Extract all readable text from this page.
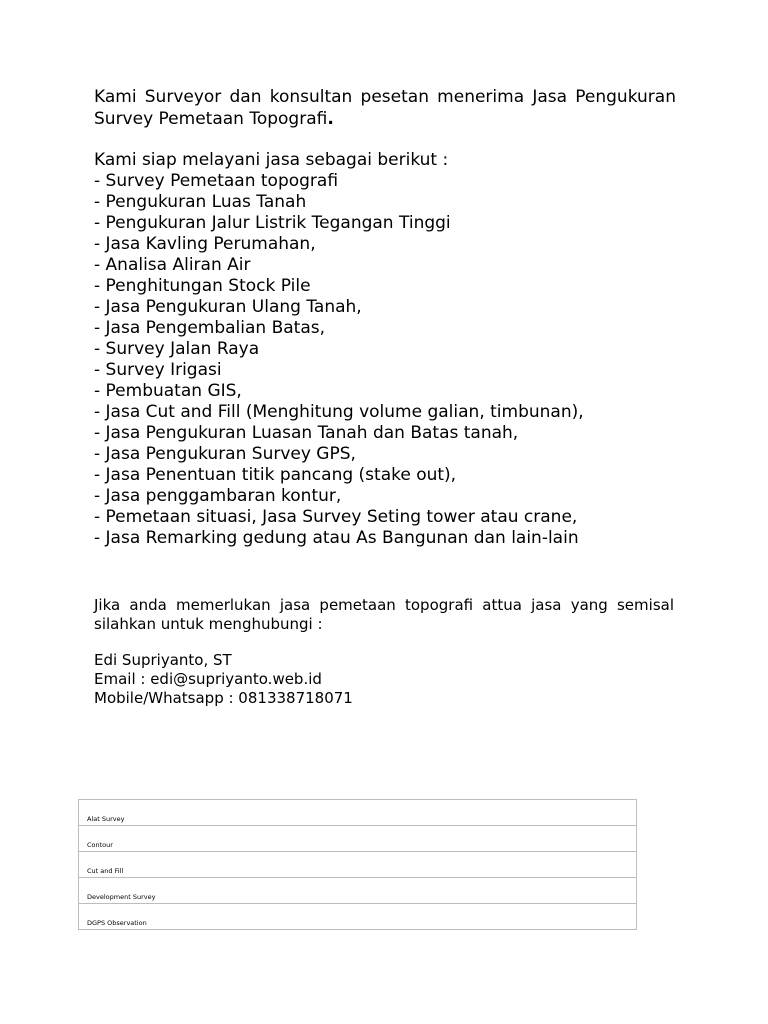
Kami Surveyor dan konsultan pesetan menerima Jasa Pengukuran Survey Pemetaan Topografi.

Kami siap melayani jasa sebagai berikut :
- Survey Pemetaan topografi
- Pengukuran Luas Tanah
- Pengukuran Jalur Listrik Tegangan Tinggi
- Jasa Kavling Perumahan,
- Analisa Aliran Air
- Penghitungan Stock Pile
- Jasa Pengukuran Ulang Tanah,
- Jasa Pengembalian Batas,
- Survey Jalan Raya
- Survey Irigasi
- Pembuatan GIS,
- Jasa Cut and Fill (Menghitung volume galian, timbunan),
- Jasa Pengukuran Luasan Tanah dan Batas tanah,
- Jasa Pengukuran Survey GPS,
- Jasa Penentuan titik pancang (stake out),
- Jasa penggambaran kontur,
- Pemetaan situasi, Jasa Survey Seting tower atau crane,
- Jasa Remarking gedung atau As Bangunan dan lain-lain

Jika anda memerlukan jasa pemetaan topografi attua jasa yang semisal silahkan untuk menghubungi :

Edi Supriyanto, ST
Email : edi@supriyanto.web.id
Mobile/Whatsapp : 081338718071
Alat Survey
Contour
Cut and Fill
Development Survey
DGPS Observation
